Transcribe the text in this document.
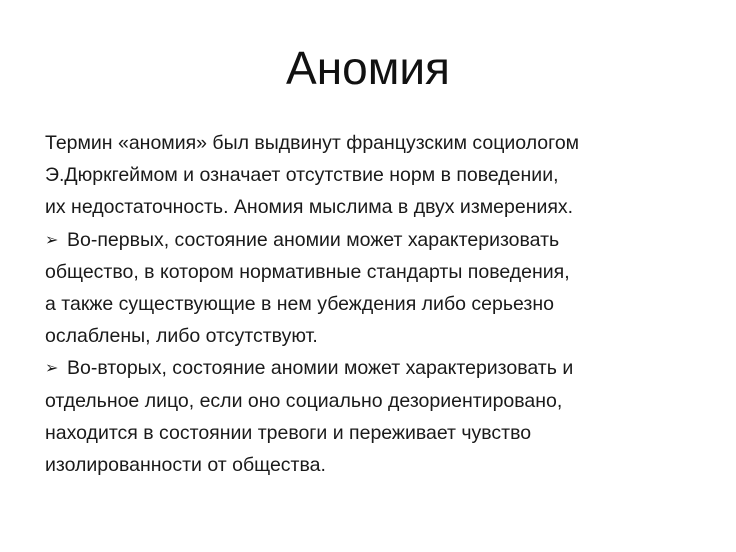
Аномия
Термин «аномия» был выдвинут французским социологом
Э.Дюркгеймом и означает отсутствие норм в поведении,
их недостаточность. Аномия мыслима в двух измерениях.
➢ Во-первых, состояние аномии может характеризовать
общество, в котором нормативные стандарты поведения,
а также существующие в нем убеждения либо серьезно
ослаблены, либо отсутствуют.
➢ Во-вторых, состояние аномии может характеризовать и
отдельное лицо, если оно социально дезориентировано,
находится в состоянии тревоги и переживает чувство
изолированности от общества.
